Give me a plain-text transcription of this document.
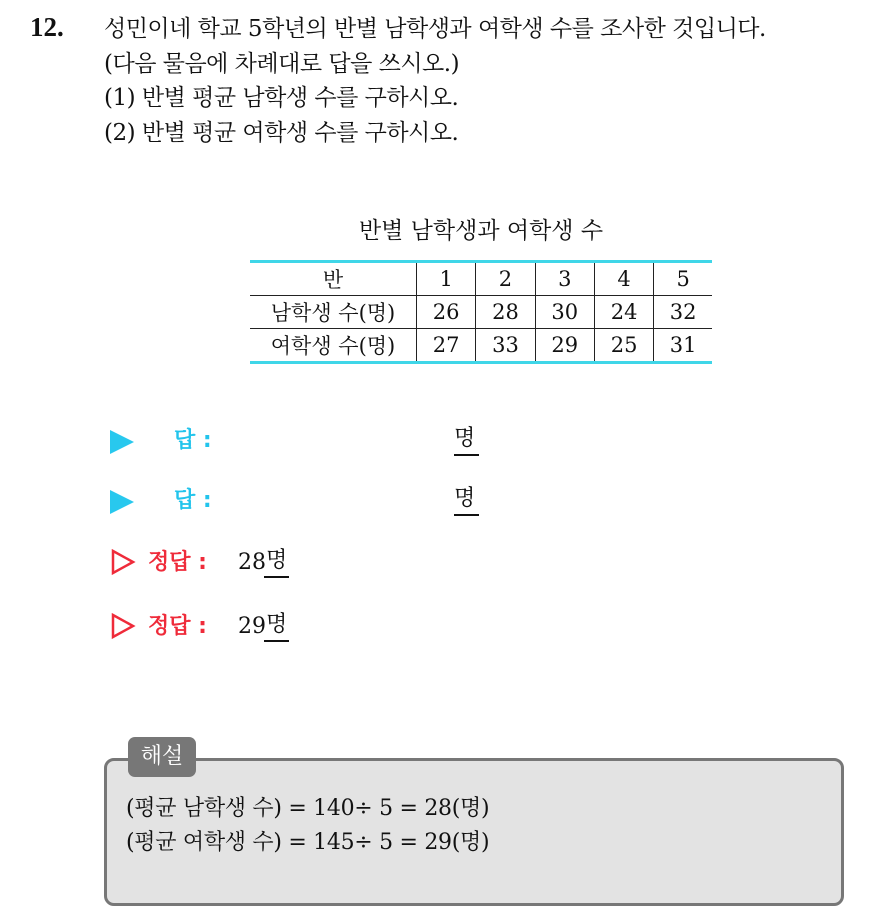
12. 성민이네 학교 5학년의 반별 남학생과 여학생 수를 조사한 것입니다.
(다음 물음에 차례대로 답을 쓰시오.)
(1) 반별 평균 남학생 수를 구하시오.
(2) 반별 평균 여학생 수를 구하시오.
반별 남학생과 여학생 수
반	1	2	3	4	5
남학생 수(명)	26	28	30	24	32
여학생 수(명)	27	33	29	25	31
답 :	명
답 :	명
정답 : 28 명
정답 : 29 명
해설
(평균 남학생 수) = 140÷ 5 = 28(명)
(평균 여학생 수) = 145÷ 5 = 29(명)
